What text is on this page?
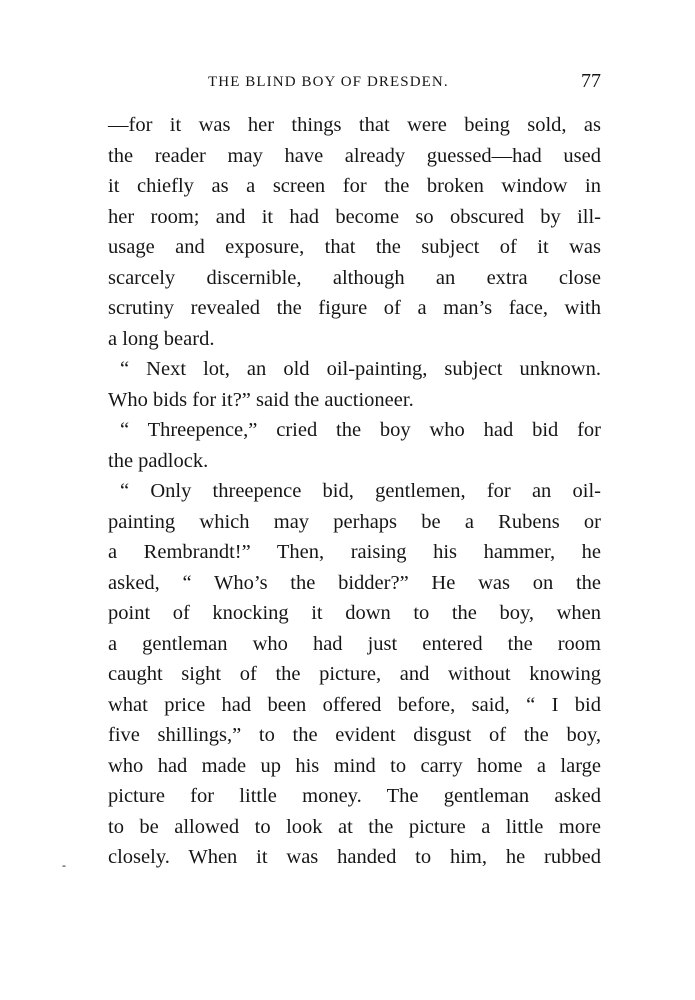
THE BLIND BOY OF DRESDEN.	77
—for it was her things that were being sold, as
the reader may have already guessed—had used
it chiefly as a screen for the broken window in
her room; and it had become so obscured by ill-
usage and exposure, that the subject of it was
scarcely discernible, although an extra close
scrutiny revealed the figure of a man’s face, with
a long beard.
“ Next lot, an old oil-painting, subject unknown.
Who bids for it?” said the auctioneer.
“ Threepence,” cried the boy who had bid for
the padlock.
“ Only threepence bid, gentlemen, for an oil-
painting which may perhaps be a Rubens or
a Rembrandt!” Then, raising his hammer, he
asked, “ Who’s the bidder?” He was on the
point of knocking it down to the boy, when
a gentleman who had just entered the room
caught sight of the picture, and without knowing
what price had been offered before, said, “ I bid
five shillings,” to the evident disgust of the boy,
who had made up his mind to carry home a large
picture for little money. The gentleman asked
to be allowed to look at the picture a little more
closely. When it was handed to him, he rubbed
-
